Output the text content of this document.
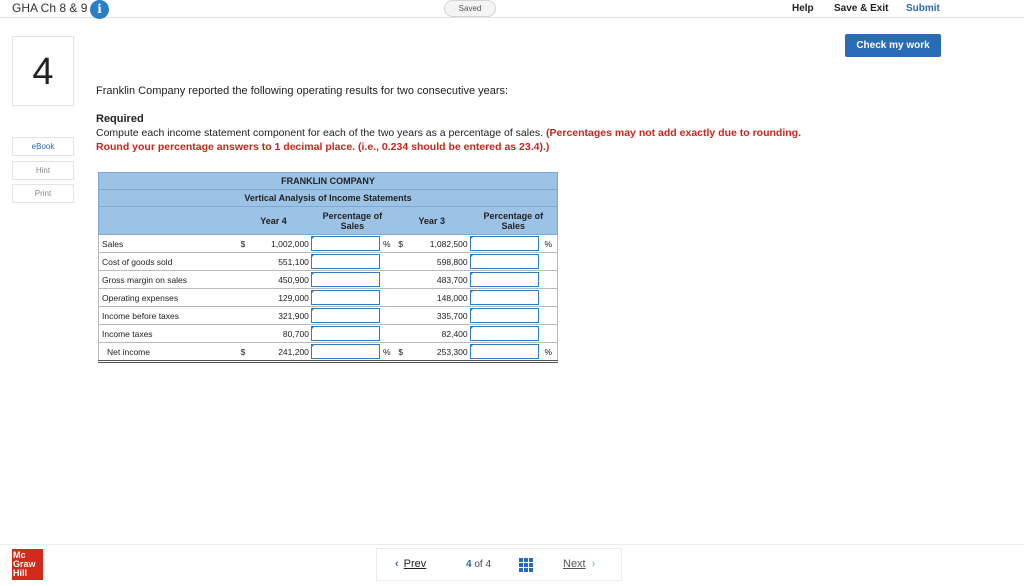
GHA Ch 8 & 9 i	Saved	Help Save & Exit Submit
Check my work
4
eBook
Hint
Print
Franklin Company reported the following operating results for two consecutive years:
Required
Compute each income statement component for each of the two years as a percentage of sales. (Percentages may not add exactly due to rounding. Round your percentage answers to 1 decimal place. (i.e., 0.234 should be entered as 23.4).)
FRANKLIN COMPANY								
Vertical Analysis of Income Statements								
	Year 4		Percentage of Sales		Year 3		Percentage of Sales	
Sales	$	1,002,000		%	$	1,082,500		%
Cost of goods sold		551,100				598,800	

Gross margin on sales		450,900				483,700	

Operating expenses		129,000				148,000	

Income before taxes		321,900				335,700	

Income taxes		80,700				82,400	

Net income	$	241,200		%	$	253,300		%
Mc Graw Hill
‹ Prev	4 of 4	Next ›
